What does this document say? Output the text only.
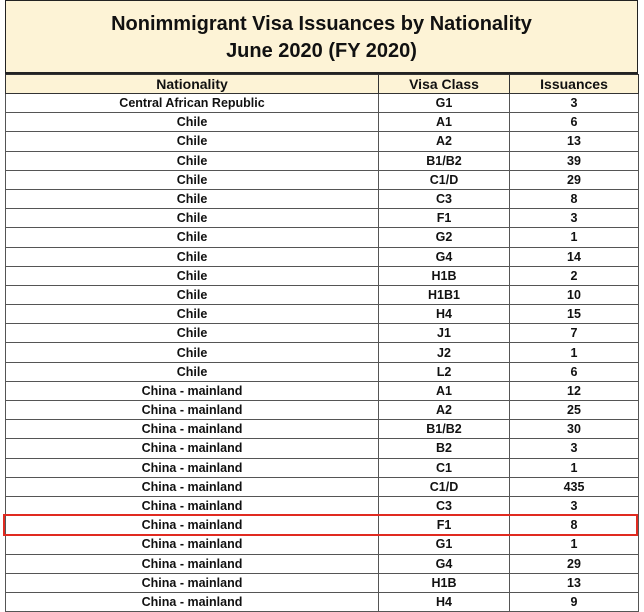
Nonimmigrant Visa Issuances by Nationality
June 2020 (FY 2020)
Nationality	Visa Class	Issuances
Central African Republic	G1	3
Chile	A1	6
Chile	A2	13
Chile	B1/B2	39
Chile	C1/D	29
Chile	C3	8
Chile	F1	3
Chile	G2	1
Chile	G4	14
Chile	H1B	2
Chile	H1B1	10
Chile	H4	15
Chile	J1	7
Chile	J2	1
Chile	L2	6
China - mainland	A1	12
China - mainland	A2	25
China - mainland	B1/B2	30
China - mainland	B2	3
China - mainland	C1	1
China - mainland	C1/D	435
China - mainland	C3	3
China - mainland	F1	8
China - mainland	G1	1
China - mainland	G4	29
China - mainland	H1B	13
China - mainland	H4	9
